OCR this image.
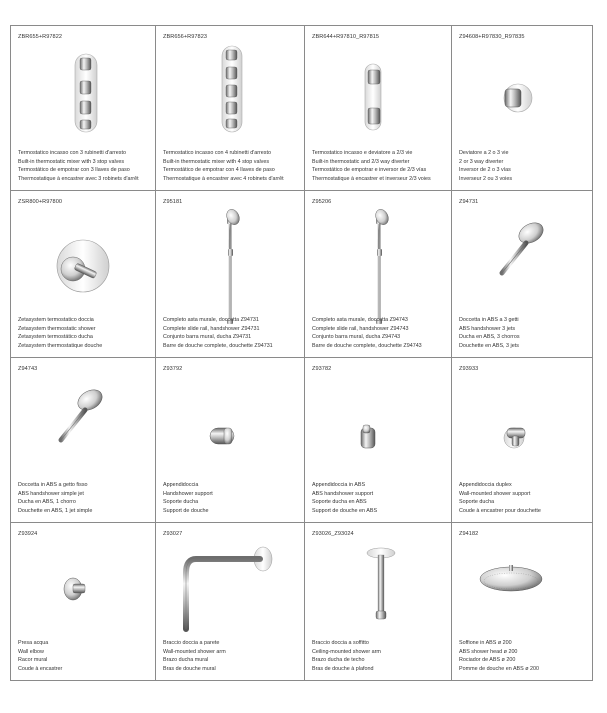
ZBR655+R97822
Termostatico incasso con 3 rubinetti d'arresto
Built-in thermostatic mixer with 3 stop valves
Termostático de empotrar con 3 llaves de paso
Thermostatique à encastrer avec 3 robinets d'arrêt
ZBR656+R97823
Termostatico incasso con 4 rubinetti d'arresto
Built-in thermostatic mixer with 4 stop valves
Termostático de empotrar con 4 llaves de paso
Thermostatique à encastrer avec 4 robinets d'arrêt
ZBR644+R97810_R97815
Termostatico incasso e deviatore a 2/3 vie
Built-in thermostatic and 2/3 way diverter
Termostático de empotrar e inversor de 2/3 vías
Thermostatique à encastrer et inverseur 2/3 voies
Z94608+R97830_R97835
Deviatore a 2 o 3 vie
2 or 3 way diverter
Inversor de 2 o 3 vías
Inverseur 2 ou 3 voies
ZSR800+R97800
Zetasystem termostatico doccia
Zetasystem thermostatic shower
Zetasystem termostático ducha
Zetasystem thermostatique douche
Z95181
Completo asta murale, doccetta Z94731
Complete slide rail, handshower Z94731
Conjunto barra mural, ducha Z94731
Barre de douche complete, douchette Z94731
Z95206
Completo asta murale, doccetta Z94743
Complete slide rail, handshower Z94743
Conjunto barra mural, ducha Z94743
Barre de douche complete, douchette Z94743
Z94731
Doccetta in ABS a 3 getti
ABS handshower 3 jets
Ducha en ABS, 3 chorros
Douchette en ABS, 3 jets
Z94743
Doccetta in ABS a getto fisso
ABS handshower simple jet
Ducha en ABS, 1 chorro
Douchette en ABS, 1 jet simple
Z93792
Appendidoccia
Handshower support
Soporte ducha
Support de douche
Z93782
Appendidoccia in ABS
ABS handshower support
Soporte ducha en ABS
Support de douche en ABS
Z93933
Appendidoccia duplex
Wall-mounted shower support
Soporte ducha
Coude à encastrer pour douchette
Z93924
Presa acqua
Wall elbow
Racor mural
Coude à encastrer
Z93027
Braccio doccia a parete
Wall-mounted shower arm
Brazo ducha mural
Bras de douche mural
Z93026_Z93024
Braccio doccia a soffitto
Ceiling-mounted shower arm
Brazo ducha de techo
Bras de douche à plafond
Z94182
Soffione in ABS ø 200
ABS shower head ø 200
Rociador de ABS ø 200
Pomme de douche en ABS ø 200
